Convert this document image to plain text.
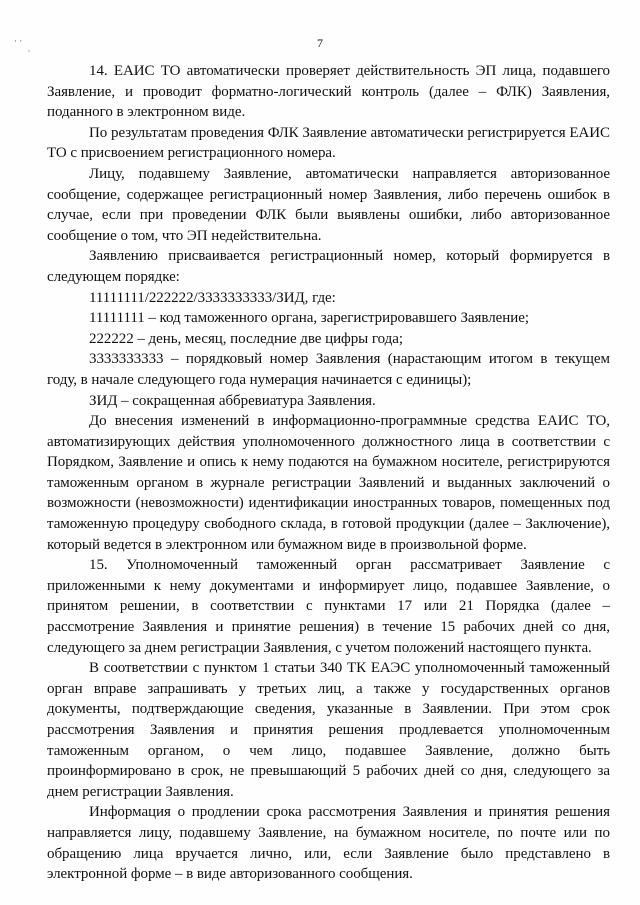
· ·
·
7

14. ЕАИС ТО автоматически проверяет действительность ЭП лица, подавшего Заявление, и проводит форматно-логический контроль (далее – ФЛК) Заявления, поданного в электронном виде.

По результатам проведения ФЛК Заявление автоматически регистрируется ЕАИС ТО с присвоением регистрационного номера.

Лицу, подавшему Заявление, автоматически направляется авторизованное сообщение, содержащее регистрационный номер Заявления, либо перечень ошибок в случае, если при проведении ФЛК были выявлены ошибки, либо авторизованное сообщение о том, что ЭП недействительна.

Заявлению присваивается регистрационный номер, который формируется в следующем порядке:

11111111/222222/3333333333/ЗИД, где:

11111111 – код таможенного органа, зарегистрировавшего Заявление;

222222 – день, месяц, последние две цифры года;

3333333333 – порядковый номер Заявления (нарастающим итогом в текущем году, в начале следующего года нумерация начинается с единицы);

ЗИД – сокращенная аббревиатура Заявления.

До внесения изменений в информационно-программные средства ЕАИС ТО, автоматизирующих действия уполномоченного должностного лица в соответствии с Порядком, Заявление и опись к нему подаются на бумажном носителе, регистрируются таможенным органом в журнале регистрации Заявлений и выданных заключений о возможности (невозможности) идентификации иностранных товаров, помещенных под таможенную процедуру свободного склада, в готовой продукции (далее – Заключение), который ведется в электронном или бумажном виде в произвольной форме.

15. Уполномоченный таможенный орган рассматривает Заявление с приложенными к нему документами и информирует лицо, подавшее Заявление, о принятом решении, в соответствии с пунктами 17 или 21 Порядка (далее – рассмотрение Заявления и принятие решения) в течение 15 рабочих дней со дня, следующего за днем регистрации Заявления, с учетом положений настоящего пункта.

В соответствии с пунктом 1 статьи 340 ТК ЕАЭС уполномоченный таможенный орган вправе запрашивать у третьих лиц, а также у государственных органов документы, подтверждающие сведения, указанные в Заявлении. При этом срок рассмотрения Заявления и принятия решения продлевается уполномоченным таможенным органом, о чем лицо, подавшее Заявление, должно быть проинформировано в срок, не превышающий 5 рабочих дней со дня, следующего за днем регистрации Заявления.

Информация о продлении срока рассмотрения Заявления и принятия решения направляется лицу, подавшему Заявление, на бумажном носителе, по почте или по обращению лица вручается лично, или, если Заявление было представлено в электронной форме – в виде авторизованного сообщения.
